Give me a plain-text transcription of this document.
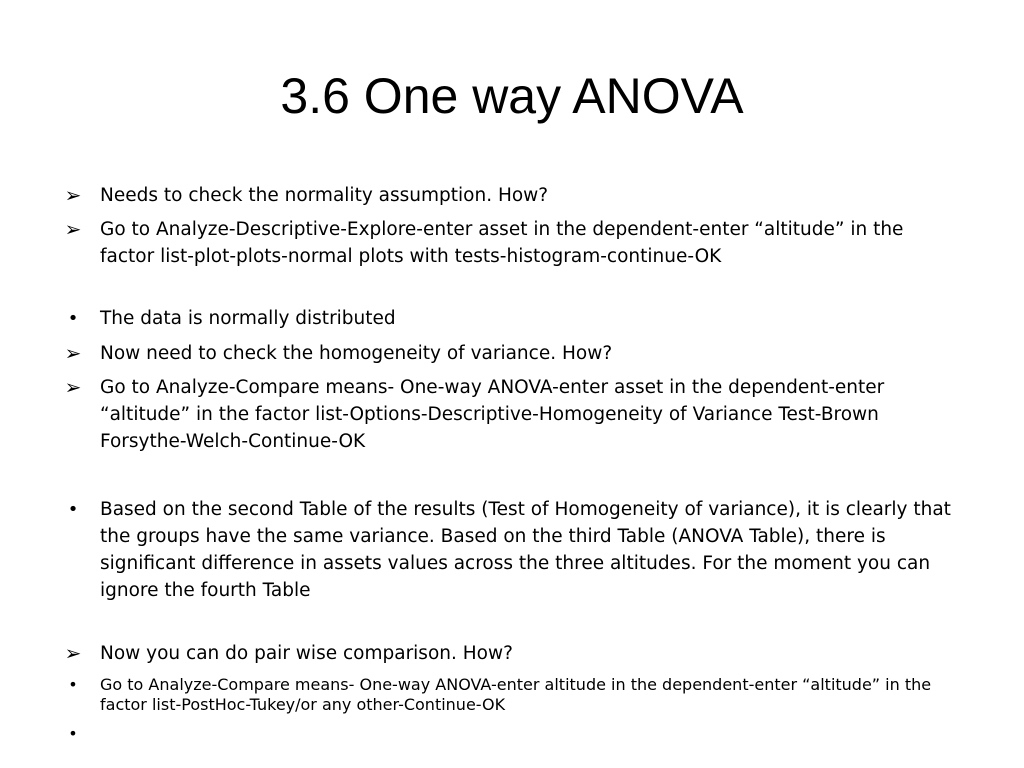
3.6 One way ANOVA
➢	Needs to check the normality assumption. How?
➢	Go to Analyze-Descriptive-Explore-enter asset in the dependent-enter “altitude” in the factor list-plot-plots-normal plots with tests-histogram-continue-OK
•	The data is normally distributed
➢	Now need to check the homogeneity of variance. How?
➢	Go to Analyze-Compare means- One-way ANOVA-enter asset in the dependent-enter “altitude” in the factor list-Options-Descriptive-Homogeneity of Variance Test-Brown Forsythe-Welch-Continue-OK
•	Based on the second Table of the results (Test of Homogeneity of variance), it is clearly that the groups have the same variance. Based on the third Table (ANOVA Table), there is significant difference in assets values across the three altitudes. For the moment you can ignore the fourth Table
➢	Now you can do pair wise comparison. How?
•	Go to Analyze-Compare means- One-way ANOVA-enter altitude in the dependent-enter “altitude” in the factor list-PostHoc-Tukey/or any other-Continue-OK
•
